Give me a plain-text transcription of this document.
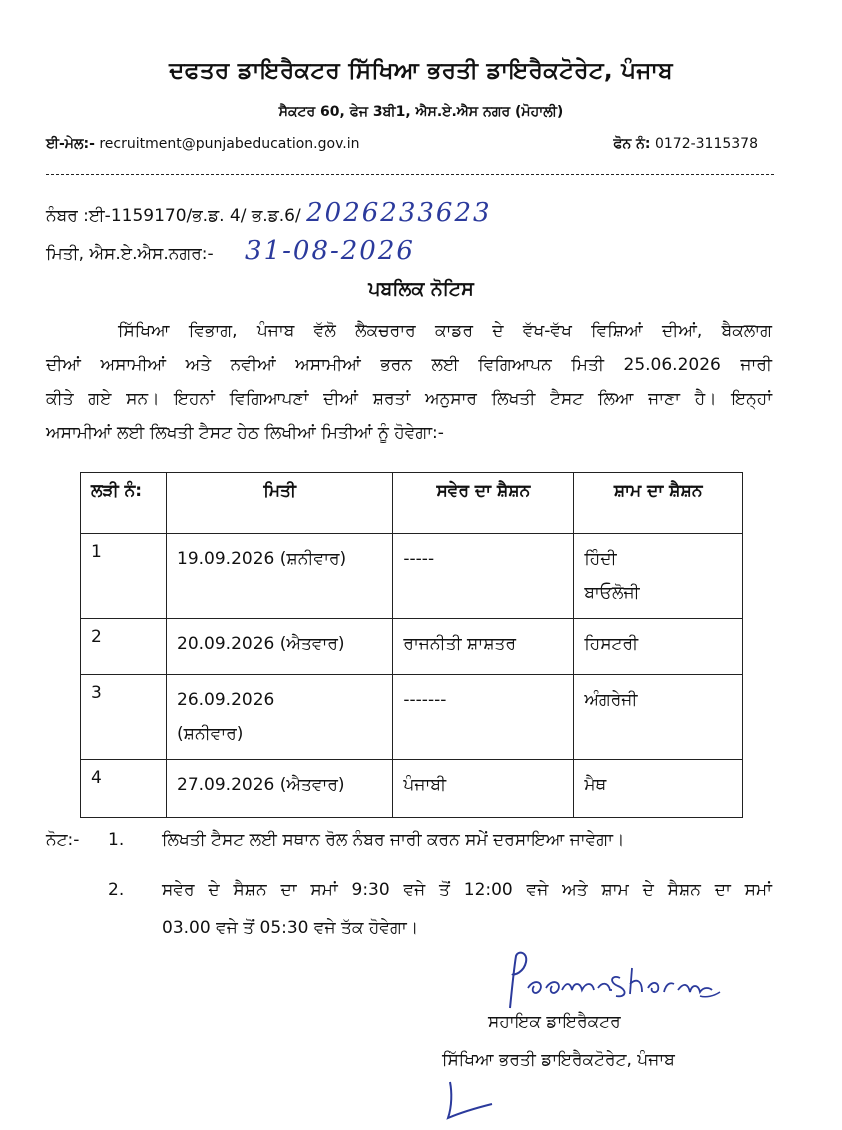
ਦਫਤਰ ਡਾਇਰੈਕਟਰ ਸਿੱਖਿਆ ਭਰਤੀ ਡਾਇਰੈਕਟੋਰੇਟ, ਪੰਜਾਬ
ਸੈਕਟਰ 60, ਫੇਜ 3ਬੀ1, ਐਸ.ਏ.ਐਸ ਨਗਰ (ਮੋਹਾਲੀ)
ਈ-ਮੇਲ:- recruitment@punjabeducation.gov.in	ਫੋਨ ਨੰ: 0172-3115378
ਨੰਬਰ :ਈ-1159170/ਭ.ਡ. 4/ ਭ.ਡ.6/ 2026233623
ਮਿਤੀ, ਐਸ.ਏ.ਐਸ.ਨਗਰ:- 31-08-2026
ਪਬਲਿਕ ਨੋਟਿਸ
ਸਿੱਖਿਆ ਵਿਭਾਗ, ਪੰਜਾਬ ਵੱਲੋ ਲੈਕਚਰਾਰ ਕਾਡਰ ਦੇ ਵੱਖ-ਵੱਖ ਵਿਸ਼ਿਆਂ ਦੀਆਂ, ਬੈਕਲਾਗ
ਦੀਆਂ ਅਸਾਮੀਆਂ ਅਤੇ ਨਵੀਆਂ ਅਸਾਮੀਆਂ ਭਰਨ ਲਈ ਵਿਗਿਆਪਨ ਮਿਤੀ 25.06.2026 ਜਾਰੀ
ਕੀਤੇ ਗਏ ਸਨ। ਇਹਨਾਂ ਵਿਗਿਆਪਣਾਂ ਦੀਆਂ ਸ਼ਰਤਾਂ ਅਨੁਸਾਰ ਲਿਖਤੀ ਟੈਸਟ ਲਿਆ ਜਾਣਾ ਹੈ। ਇਨ੍ਹਾਂ
ਅਸਾਮੀਆਂ ਲਈ ਲਿਖਤੀ ਟੈਸਟ ਹੇਠ ਲਿਖੀਆਂ ਮਿਤੀਆਂ ਨੂੰ ਹੋਵੇਗਾ:-
ਲੜੀ ਨੰ:	ਮਿਤੀ	ਸਵੇਰ ਦਾ ਸ਼ੈਸ਼ਨ	ਸ਼ਾਮ ਦਾ ਸ਼ੈਸ਼ਨ
1	19.09.2026 (ਸ਼ਨੀਵਾਰ)	-----	ਹਿੰਦੀ
ਬਾਓਲੋਜੀ

2	20.09.2026 (ਐਤਵਾਰ)	ਰਾਜਨੀਤੀ ਸ਼ਾਸ਼ਤਰ	ਹਿਸਟਰੀ

3	26.09.2026
(ਸ਼ਨੀਵਾਰ)	-------	ਅੰਗਰੇਜੀ

4	27.09.2026 (ਐਤਵਾਰ)	ਪੰਜਾਬੀ	ਮੈਥ
ਨੋਟ:- 1. ਲਿਖਤੀ ਟੈਸਟ ਲਈ ਸਥਾਨ ਰੋਲ ਨੰਬਰ ਜਾਰੀ ਕਰਨ ਸਮੇਂ ਦਰਸਾਇਆ ਜਾਵੇਗਾ।
2. ਸਵੇਰ ਦੇ ਸੈਸ਼ਨ ਦਾ ਸਮਾਂ 9:30 ਵਜੇ ਤੋਂ 12:00 ਵਜੇ ਅਤੇ ਸ਼ਾਮ ਦੇ ਸੈਸ਼ਨ ਦਾ ਸਮਾਂ
03.00 ਵਜੇ ਤੋਂ 05:30 ਵਜੇ ਤੱਕ ਹੋਵੇਗਾ।
ਸਹਾਇਕ ਡਾਇਰੈਕਟਰ
ਸਿੱਖਿਆ ਭਰਤੀ ਡਾਇਰੈਕਟੋਰੇਟ, ਪੰਜਾਬ
